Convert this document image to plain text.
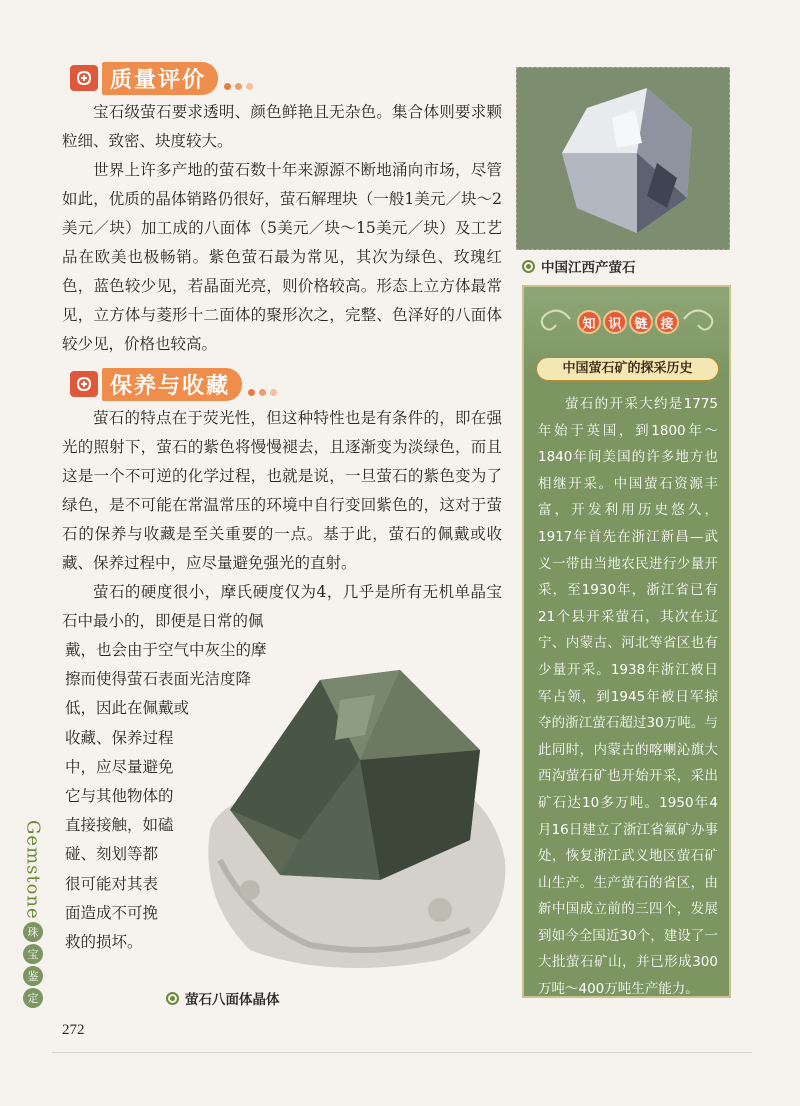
质量评价

宝石级萤石要求透明、颜色鲜艳且无杂色。集合体则要求颗粒细、致密、块度较大。

世界上许多产地的萤石数十年来源源不断地涌向市场，尽管如此，优质的晶体销路仍很好，萤石解理块（一般1美元／块～2美元／块）加工成的八面体（5美元／块～15美元／块）及工艺品在欧美也极畅销。紫色萤石最为常见，其次为绿色、玫瑰红色，蓝色较少见，若晶面光亮，则价格较高。形态上立方体最常见，立方体与菱形十二面体的聚形次之，完整、色泽好的八面体较少见，价格也较高。

保养与收藏

萤石的特点在于荧光性，但这种特性也是有条件的，即在强光的照射下，萤石的紫色将慢慢褪去，且逐渐变为淡绿色，而且这是一个不可逆的化学过程，也就是说，一旦萤石的紫色变为了绿色，是不可能在常温常压的环境中自行变回紫色的，这对于萤石的保养与收藏是至关重要的一点。基于此，萤石的佩戴或收藏、保养过程中，应尽量避免强光的直射。

萤石的硬度很小，摩氏硬度仅为4，几乎是所有无机单晶宝石中最小的，即便是日常的佩

戴，也会由于空气中灰尘的摩
擦而使得萤石表面光洁度降
低，因此在佩戴或
收藏、保养过程
中，应尽量避免
它与其他物体的
直接接触，如磕
碰、刻划等都
很可能对其表
面造成不可挽
救的损坏。
中国江西产萤石
知 识 链 接
中国萤石矿的探采历史

萤石的开采大约是1775年始于英国，到1800年～1840年间美国的许多地方也相继开采。中国萤石资源丰富，开发利用历史悠久，1917年首先在浙江新昌—武义一带由当地农民进行少量开采，至1930年，浙江省已有21个县开采萤石，其次在辽宁、内蒙古、河北等省区也有少量开采。1938年浙江被日军占领，到1945年被日军掠夺的浙江萤石超过30万吨。与此同时，内蒙古的喀喇沁旗大西沟萤石矿也开始开采，采出矿石达10多万吨。1950年4月16日建立了浙江省氟矿办事处，恢复浙江武义地区萤石矿山生产。生产萤石的省区，由新中国成立前的三四个，发展到如今全国近30个，建设了一大批萤石矿山，并已形成300万吨～400万吨生产能力。

萤石八面体晶体
Gemstone
珠
宝
鉴
定
272
